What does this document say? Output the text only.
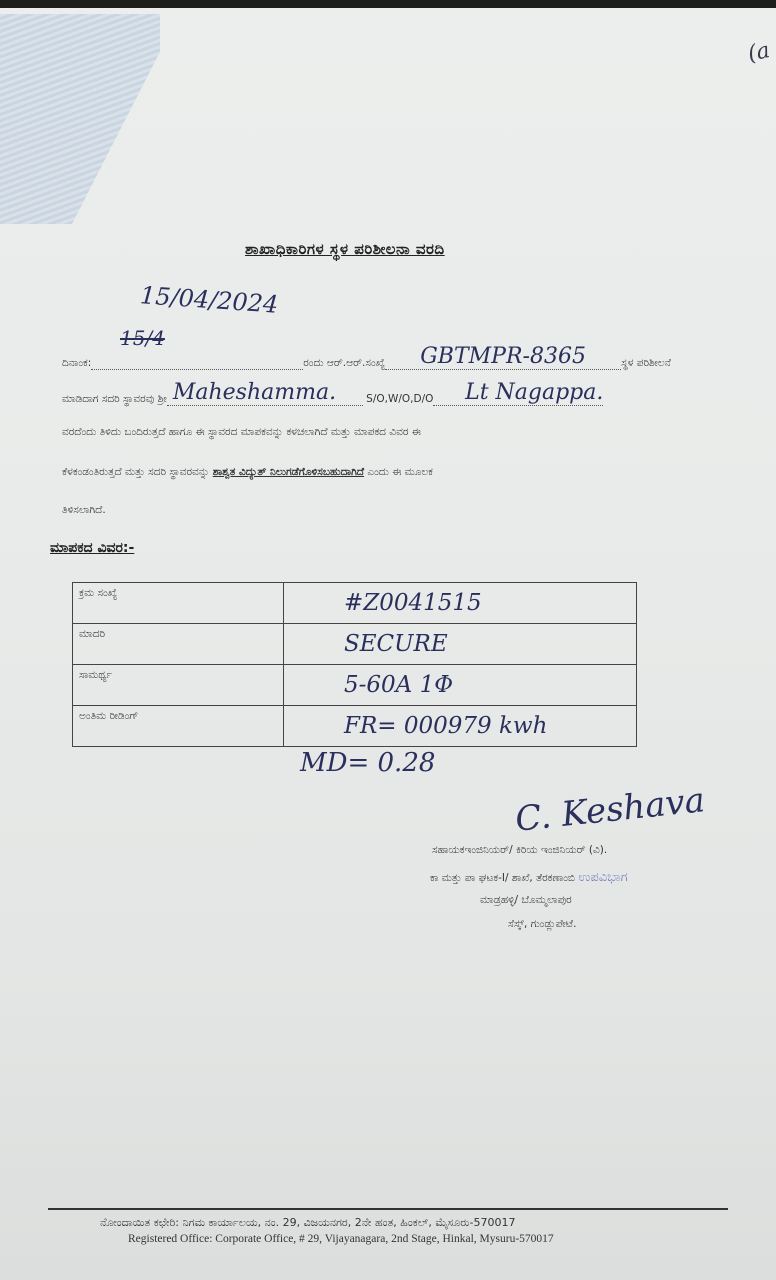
(a
ಶಾಖಾಧಿಕಾರಿಗಳ ಸ್ಥಳ ಪರಿಶೀಲನಾ ವರದಿ
15/04/2024
15/4
ದಿನಾಂಕ:	ರಂದು ಆರ್.ಆರ್.ಸಂಖ್ಯೆ GBTMPR-8365	ಸ್ಥಳ ಪರಿಶೀಲನೆ
ಮಾಡಿದಾಗ ಸದರಿ ಸ್ಥಾವರವು ಶ್ರೀ Maheshamma.	S/O,W/O,D/O Lt Nagappa.
ವರದೆಂದು ತಿಳಿದು ಬಂದಿರುತ್ತದೆ ಹಾಗೂ ಈ ಸ್ಥಾವರದ ಮಾಪಕವನ್ನು ಕಳಚಲಾಗಿದೆ ಮತ್ತು ಮಾಪಕದ ವಿವರ ಈ
ಕೆಳಕಂಡಂತಿರುತ್ತದೆ ಮತ್ತು ಸದರಿ ಸ್ಥಾವರವನ್ನು ಶಾಶ್ವತ ವಿದ್ಯುತ್ ನಿಲುಗಡೆಗೊಳಿಸಬಹುದಾಗಿದೆ ಎಂದು ಈ ಮೂಲಕ
ತಿಳಿಸಲಾಗಿದೆ.
ಮಾಪಕದ ವಿವರ:-
ಕ್ರಮ ಸಂಖ್ಯೆ	#Z0041515
ಮಾದರಿ	SECURE
ಸಾಮರ್ಥ್ಯ	5-60A 1Φ
ಅಂತಿಮ ರೀಡಿಂಗ್	FR= 000979 kwh
MD= 0.28
C. Keshava
ಸಹಾಯಕಇಂಜಿನಿಯರ್/ ಕಿರಿಯ ಇಂಜಿನಿಯರ್ (ವಿ).
ಕಾ ಮತ್ತು ಪಾ ಘಟಕ-I/ ಶಾಖೆ, ತೆರಕಣಾಂಬಿ ಉಪವಿಭಾಗ
ಮಾಡ್ರಹಳ್ಳಿ/ ಬೊಮ್ಮಲಾಪುರ
ಸೆಸ್ಕ್, ಗುಂಡ್ಲುಪೇಟೆ.
ನೋಂದಾಯಿತ ಕಛೇರಿ: ನಿಗಮ ಕಾರ್ಯಾಲಯ, ನಂ. 29, ವಿಜಯನಗರ, 2ನೇ ಹಂತ, ಹಿಂಕಲ್, ಮೈಸೂರು-570017
Registered Office: Corporate Office, # 29, Vijayanagara, 2nd Stage, Hinkal, Mysuru-570017
